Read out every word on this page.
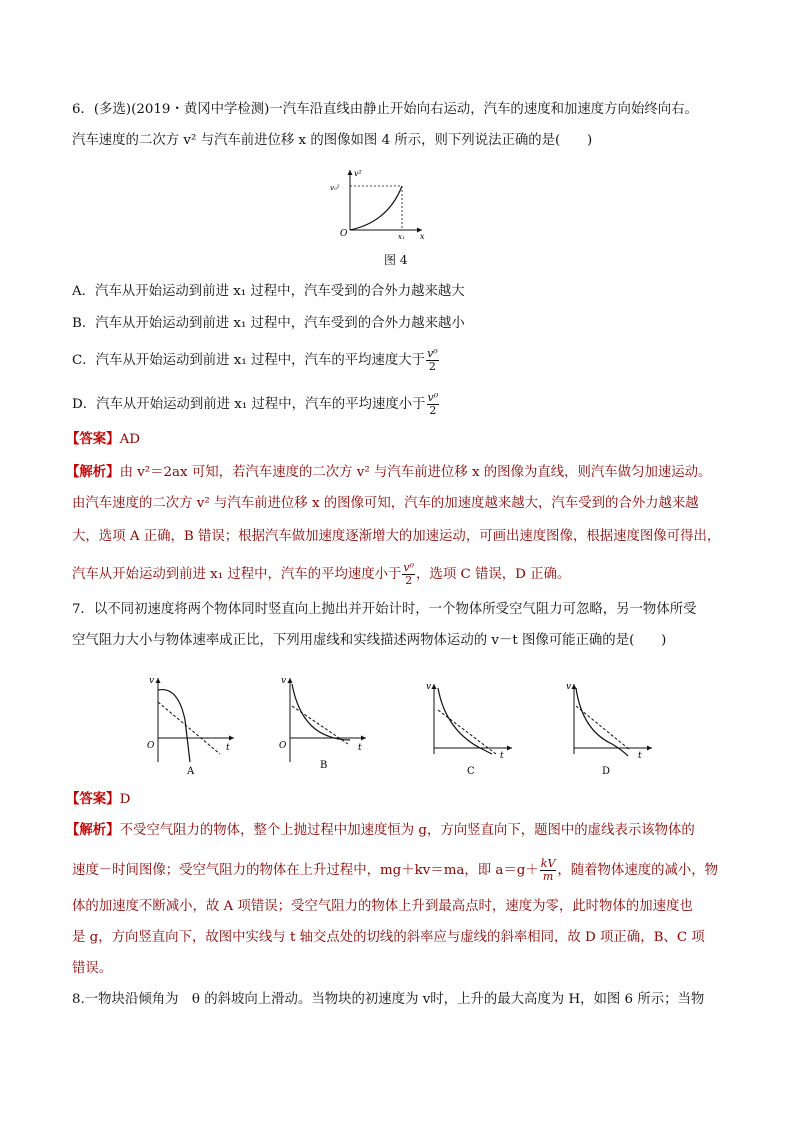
6．(多选)(2019・黄冈中学检测)一汽车沿直线由静止开始向右运动，汽车的速度和加速度方向始终向右。
汽车速度的二次方 v² 与汽车前进位移 x 的图像如图 4 所示，则下列说法正确的是(　　)
v²
v₀²
O	x₁ x
图 4
A．汽车从开始运动到前进 x₁ 过程中，汽车受到的合外力越来越大
B．汽车从开始运动到前进 x₁ 过程中，汽车受到的合外力越来越小
C．汽车从开始运动到前进 x₁ 过程中，汽车的平均速度大于 $\frac{\text{v⁰}}{2}$
D．汽车从开始运动到前进 x₁ 过程中，汽车的平均速度小于 $\frac{\text{v⁰}}{2}$
【答案】AD
【解析】由 v²＝2ax 可知，若汽车速度的二次方 v² 与汽车前进位移 x 的图像为直线，则汽车做匀加速运动。
由汽车速度的二次方 v² 与汽车前进位移 x 的图像可知，汽车的加速度越来越大，汽车受到的合外力越来越
大，选项 A 正确，B 错误；根据汽车做加速度逐渐增大的加速运动，可画出速度图像，根据速度图像可得出，
汽车从开始运动到前进 x₁ 过程中，汽车的平均速度小于 $\frac{\text{v⁰}}{2}$ ，选项 C 错误，D 正确。
7．以不同初速度将两个物体同时竖直向上抛出并开始计时，一个物体所受空气阻力可忽略，另一物体所受
空气阻力大小与物体速率成正比，下列用虚线和实线描述两物体运动的 v－t 图像可能正确的是(　　)
v
O	t
A
v
O	t
B
v
t
C
v
t
D
【答案】D
【解析】不受空气阻力的物体，整个上抛过程中加速度恒为 g，方向竖直向下，题图中的虚线表示该物体的
速度－时间图像；受空气阻力的物体在上升过程中，mg＋kv＝ma，即 $a=g+ \frac{kV}{m}$ ，随着物体速度的减小，物
体的加速度不断减小，故 A 项错误；受空气阻力的物体上升到最高点时，速度为零，此时物体的加速度也
是 g，方向竖直向下，故图中实线与 t 轴交点处的切线的斜率应与虚线的斜率相同，故 D 项正确，B、C 项
错误。
8.一物块沿倾角为　θ 的斜坡向上滑动。当物块的初速度为 v时，上升的最大高度为 H，如图 6 所示；当物
